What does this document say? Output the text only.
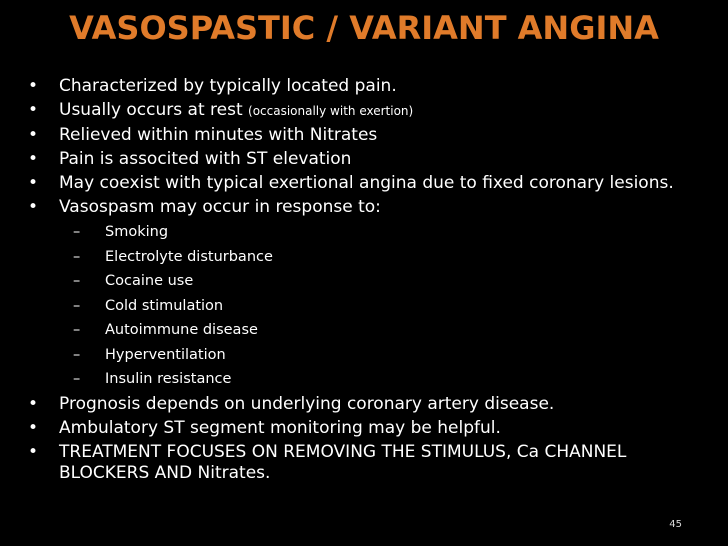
VASOSPASTIC / VARIANT ANGINA
•	Characterized by typically located pain.
•	Usually occurs at rest (occasionally with exertion)
•	Relieved within minutes with Nitrates
•	Pain is associted with ST elevation
•	May coexist with typical exertional angina due to fixed coronary lesions.
•	Vasospasm may occur in response to:
–	Smoking
–	Electrolyte disturbance
–	Cocaine use
–	Cold stimulation
–	Autoimmune disease
–	Hyperventilation
–	Insulin resistance
•	Prognosis depends on underlying coronary artery disease.
•	Ambulatory ST segment monitoring may be helpful.
•	TREATMENT FOCUSES ON REMOVING THE STIMULUS, Ca CHANNEL BLOCKERS AND Nitrates.
45
